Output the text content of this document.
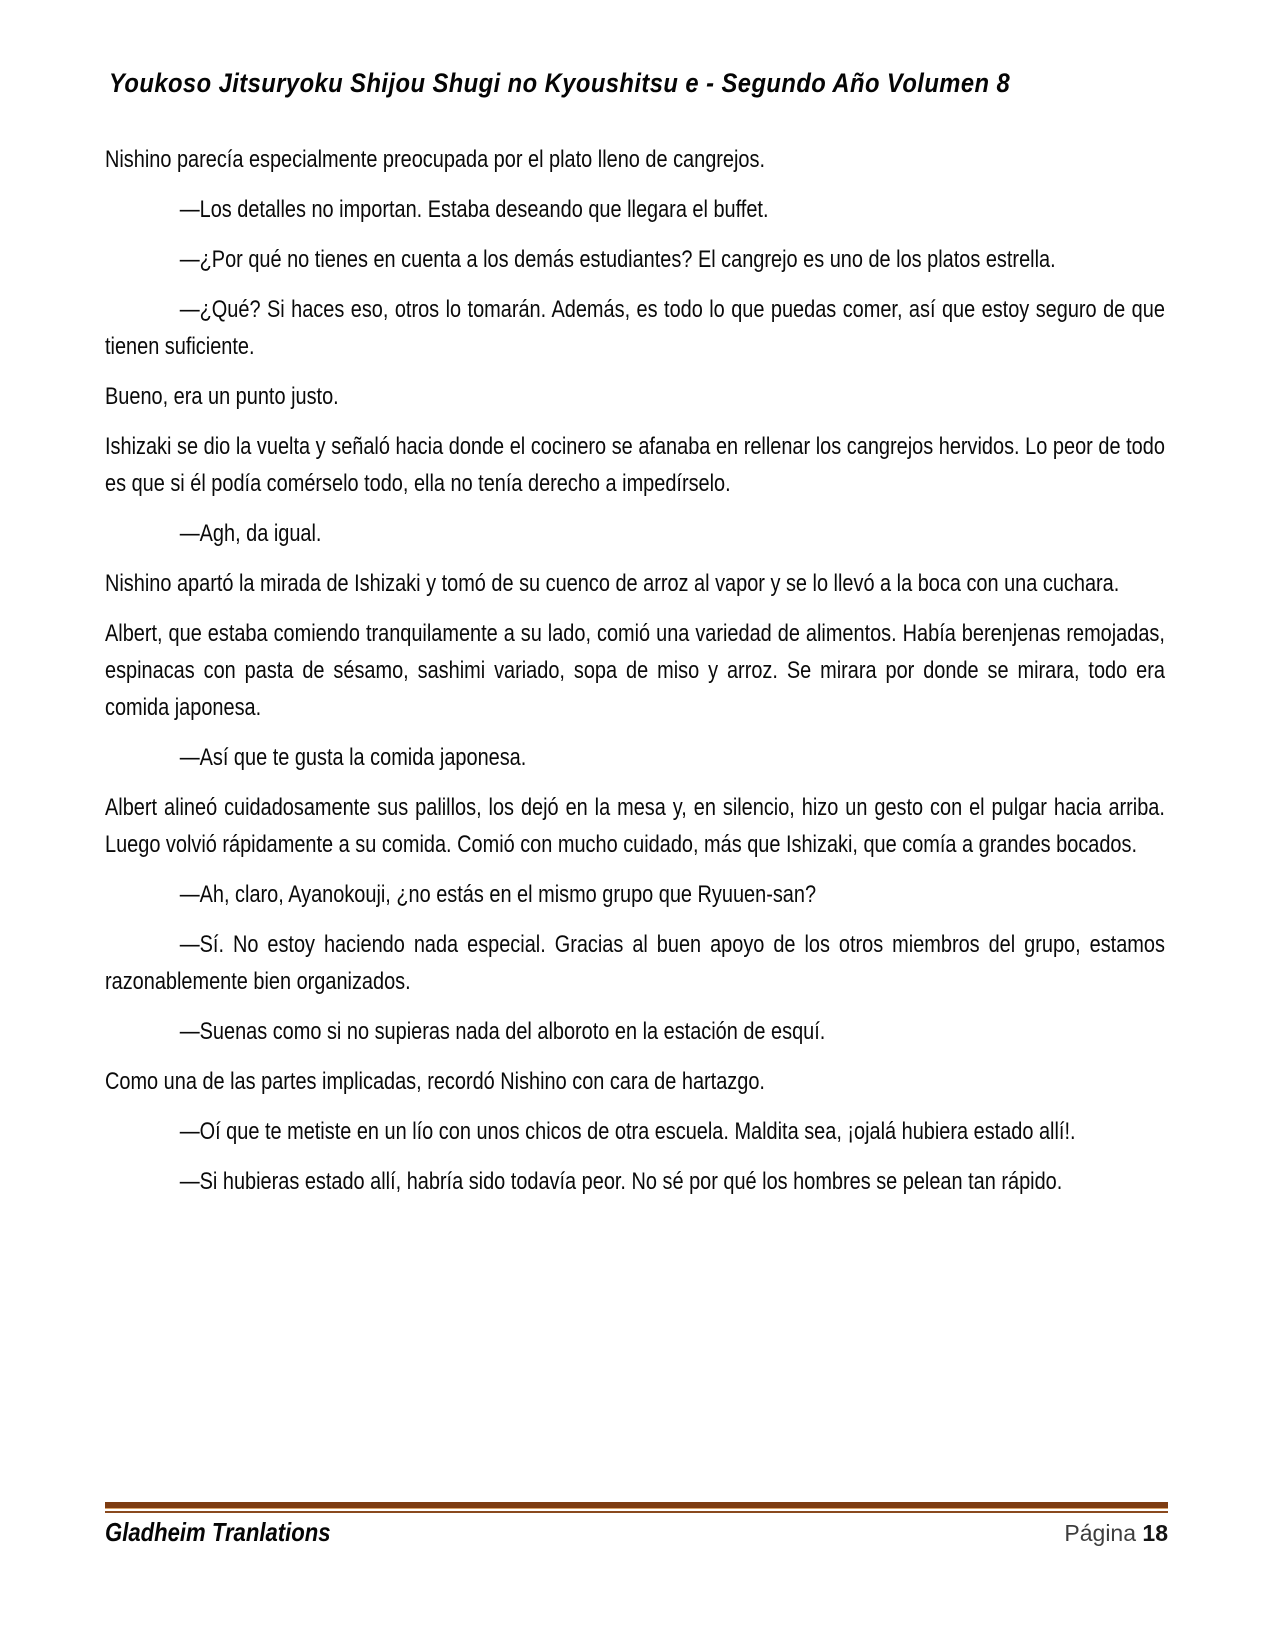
Youkoso Jitsuryoku Shijou Shugi no Kyoushitsu e - Segundo Año Volumen 8

Nishino parecía especialmente preocupada por el plato lleno de cangrejos.

—Los detalles no importan. Estaba deseando que llegara el buffet.

—¿Por qué no tienes en cuenta a los demás estudiantes? El cangrejo es uno de los platos estrella.

—¿Qué? Si haces eso, otros lo tomarán. Además, es todo lo que puedas comer, así que estoy seguro de que tienen suficiente.

Bueno, era un punto justo.

Ishizaki se dio la vuelta y señaló hacia donde el cocinero se afanaba en rellenar los cangrejos hervidos. Lo peor de todo es que si él podía comérselo todo, ella no tenía derecho a impedírselo.

—Agh, da igual.

Nishino apartó la mirada de Ishizaki y tomó de su cuenco de arroz al vapor y se lo llevó a la boca con una cuchara.

Albert, que estaba comiendo tranquilamente a su lado, comió una variedad de alimentos. Había berenjenas remojadas, espinacas con pasta de sésamo, sashimi variado, sopa de miso y arroz. Se mirara por donde se mirara, todo era comida japonesa.

—Así que te gusta la comida japonesa.

Albert alineó cuidadosamente sus palillos, los dejó en la mesa y, en silencio, hizo un gesto con el pulgar hacia arriba. Luego volvió rápidamente a su comida. Comió con mucho cuidado, más que Ishizaki, que comía a grandes bocados.

—Ah, claro, Ayanokouji, ¿no estás en el mismo grupo que Ryuuen-san?

—Sí. No estoy haciendo nada especial. Gracias al buen apoyo de los otros miembros del grupo, estamos razonablemente bien organizados.

—Suenas como si no supieras nada del alboroto en la estación de esquí.

Como una de las partes implicadas, recordó Nishino con cara de hartazgo.

—Oí que te metiste en un lío con unos chicos de otra escuela. Maldita sea, ¡ojalá hubiera estado allí!.

—Si hubieras estado allí, habría sido todavía peor. No sé por qué los hombres se pelean tan rápido.

Gladheim Tranlations	Página 18
